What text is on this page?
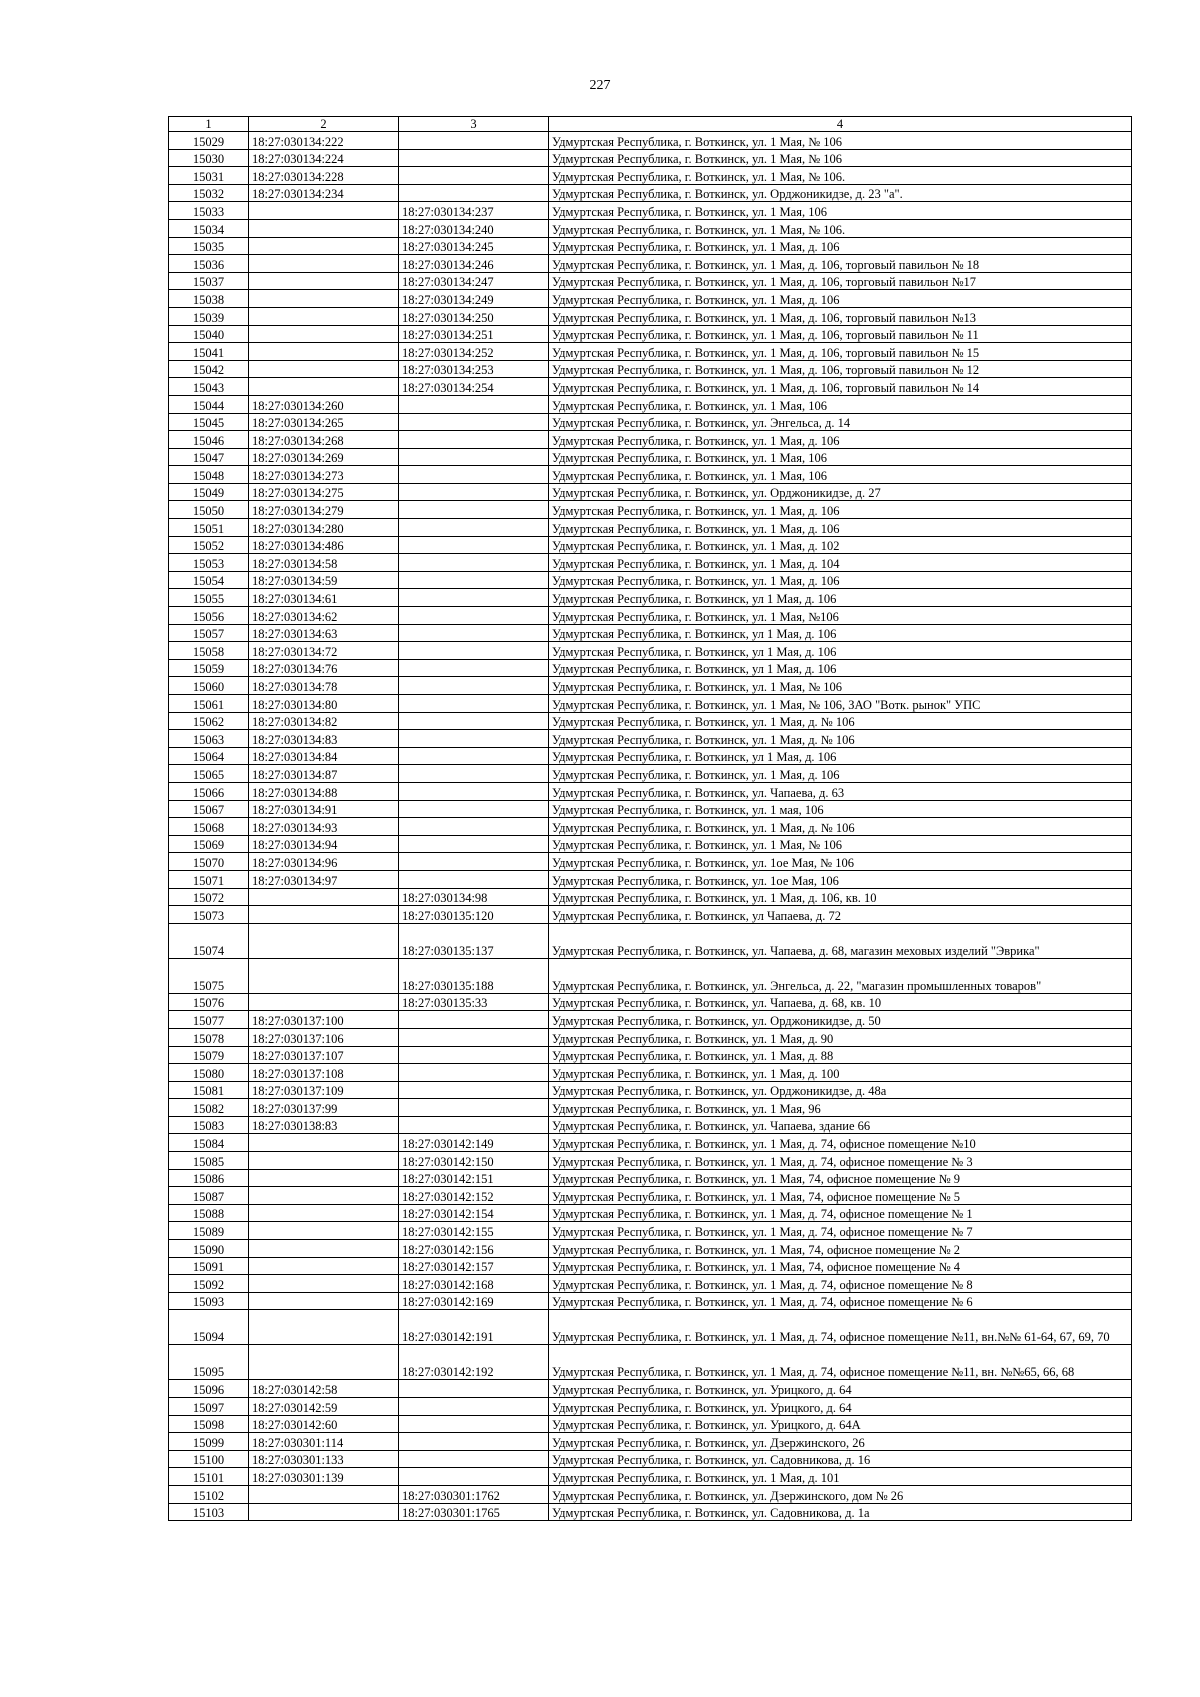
227
1	2	3	4
15029	18:27:030134:222		Удмуртская Республика, г. Воткинск, ул. 1 Мая, № 106
15030	18:27:030134:224		Удмуртская Республика, г. Воткинск, ул. 1 Мая, № 106
15031	18:27:030134:228		Удмуртская Республика, г. Воткинск, ул. 1 Мая, № 106.
15032	18:27:030134:234		Удмуртская Республика, г. Воткинск, ул. Орджоникидзе, д. 23 "а".
15033		18:27:030134:237	Удмуртская Республика, г. Воткинск, ул. 1 Мая, 106
15034		18:27:030134:240	Удмуртская Республика, г. Воткинск, ул. 1 Мая, № 106.
15035		18:27:030134:245	Удмуртская Республика, г. Воткинск, ул. 1 Мая, д. 106
15036		18:27:030134:246	Удмуртская Республика, г. Воткинск, ул. 1 Мая, д. 106, торговый павильон № 18
15037		18:27:030134:247	Удмуртская Республика, г. Воткинск, ул. 1 Мая, д. 106, торговый павильон №17
15038		18:27:030134:249	Удмуртская Республика, г. Воткинск, ул. 1 Мая, д. 106
15039		18:27:030134:250	Удмуртская Республика, г. Воткинск, ул. 1 Мая, д. 106, торговый павильон №13
15040		18:27:030134:251	Удмуртская Республика, г. Воткинск, ул. 1 Мая, д. 106, торговый павильон № 11
15041		18:27:030134:252	Удмуртская Республика, г. Воткинск, ул. 1 Мая, д. 106, торговый павильон № 15
15042		18:27:030134:253	Удмуртская Республика, г. Воткинск, ул. 1 Мая, д. 106, торговый павильон № 12
15043		18:27:030134:254	Удмуртская Республика, г. Воткинск, ул. 1 Мая, д. 106, торговый павильон № 14
15044	18:27:030134:260		Удмуртская Республика, г. Воткинск, ул. 1 Мая, 106
15045	18:27:030134:265		Удмуртская Республика, г. Воткинск, ул. Энгельса, д. 14
15046	18:27:030134:268		Удмуртская Республика, г. Воткинск, ул. 1 Мая, д. 106
15047	18:27:030134:269		Удмуртская Республика, г. Воткинск, ул. 1 Мая, 106
15048	18:27:030134:273		Удмуртская Республика, г. Воткинск, ул. 1 Мая, 106
15049	18:27:030134:275		Удмуртская Республика, г. Воткинск, ул. Орджоникидзе, д. 27
15050	18:27:030134:279		Удмуртская Республика, г. Воткинск, ул. 1 Мая, д. 106
15051	18:27:030134:280		Удмуртская Республика, г. Воткинск, ул. 1 Мая, д. 106
15052	18:27:030134:486		Удмуртская Республика, г. Воткинск, ул. 1 Мая, д. 102
15053	18:27:030134:58		Удмуртская Республика, г. Воткинск, ул. 1 Мая, д. 104
15054	18:27:030134:59		Удмуртская Республика, г. Воткинск, ул. 1 Мая, д. 106
15055	18:27:030134:61		Удмуртская Республика, г. Воткинск, ул 1 Мая, д. 106
15056	18:27:030134:62		Удмуртская Республика, г. Воткинск, ул. 1 Мая, №106
15057	18:27:030134:63		Удмуртская Республика, г. Воткинск, ул 1 Мая, д. 106
15058	18:27:030134:72		Удмуртская Республика, г. Воткинск, ул 1 Мая, д. 106
15059	18:27:030134:76		Удмуртская Республика, г. Воткинск, ул 1 Мая, д. 106
15060	18:27:030134:78		Удмуртская Республика, г. Воткинск, ул. 1 Мая, № 106
15061	18:27:030134:80		Удмуртская Республика, г. Воткинск, ул. 1 Мая, № 106, ЗАО "Вотк. рынок" УПС
15062	18:27:030134:82		Удмуртская Республика, г. Воткинск, ул. 1 Мая, д. № 106
15063	18:27:030134:83		Удмуртская Республика, г. Воткинск, ул. 1 Мая, д. № 106
15064	18:27:030134:84		Удмуртская Республика, г. Воткинск, ул 1 Мая, д. 106
15065	18:27:030134:87		Удмуртская Республика, г. Воткинск, ул. 1 Мая, д. 106
15066	18:27:030134:88		Удмуртская Республика, г. Воткинск, ул. Чапаева, д. 63
15067	18:27:030134:91		Удмуртская Республика, г. Воткинск, ул. 1 мая, 106
15068	18:27:030134:93		Удмуртская Республика, г. Воткинск, ул. 1 Мая, д. № 106
15069	18:27:030134:94		Удмуртская Республика, г. Воткинск, ул. 1 Мая, № 106
15070	18:27:030134:96		Удмуртская Республика, г. Воткинск, ул. 1ое Мая, № 106
15071	18:27:030134:97		Удмуртская Республика, г. Воткинск, ул. 1ое Мая, 106
15072		18:27:030134:98	Удмуртская Республика, г. Воткинск, ул. 1 Мая, д. 106, кв. 10
15073		18:27:030135:120	Удмуртская Республика, г. Воткинск, ул Чапаева, д. 72
15074		18:27:030135:137	Удмуртская Республика, г. Воткинск, ул. Чапаева, д. 68, магазин меховых изделий "Эврика"
15075		18:27:030135:188	Удмуртская Республика, г. Воткинск, ул. Энгельса, д. 22, "магазин промышленных товаров"
15076		18:27:030135:33	Удмуртская Республика, г. Воткинск, ул. Чапаева, д. 68, кв. 10
15077	18:27:030137:100		Удмуртская Республика, г. Воткинск, ул. Орджоникидзе, д. 50
15078	18:27:030137:106		Удмуртская Республика, г. Воткинск, ул. 1 Мая, д. 90
15079	18:27:030137:107		Удмуртская Республика, г. Воткинск, ул. 1 Мая, д. 88
15080	18:27:030137:108		Удмуртская Республика, г. Воткинск, ул. 1 Мая, д. 100
15081	18:27:030137:109		Удмуртская Республика, г. Воткинск, ул. Орджоникидзе, д. 48а
15082	18:27:030137:99		Удмуртская Республика, г. Воткинск, ул. 1 Мая, 96
15083	18:27:030138:83		Удмуртская Республика, г. Воткинск, ул. Чапаева, здание 66
15084		18:27:030142:149	Удмуртская Республика, г. Воткинск, ул. 1 Мая, д. 74, офисное помещение №10
15085		18:27:030142:150	Удмуртская Республика, г. Воткинск, ул. 1 Мая, д. 74, офисное помещение № 3
15086		18:27:030142:151	Удмуртская Республика, г. Воткинск, ул. 1 Мая, 74, офисное помещение № 9
15087		18:27:030142:152	Удмуртская Республика, г. Воткинск, ул. 1 Мая, 74, офисное помещение № 5
15088		18:27:030142:154	Удмуртская Республика, г. Воткинск, ул. 1 Мая, д. 74, офисное помещение № 1
15089		18:27:030142:155	Удмуртская Республика, г. Воткинск, ул. 1 Мая, д. 74, офисное помещение № 7
15090		18:27:030142:156	Удмуртская Республика, г. Воткинск, ул. 1 Мая, 74, офисное помещение № 2
15091		18:27:030142:157	Удмуртская Республика, г. Воткинск, ул. 1 Мая, 74, офисное помещение № 4
15092		18:27:030142:168	Удмуртская Республика, г. Воткинск, ул. 1 Мая, д. 74, офисное помещение № 8
15093		18:27:030142:169	Удмуртская Республика, г. Воткинск, ул. 1 Мая, д. 74, офисное помещение № 6
15094		18:27:030142:191	Удмуртская Республика, г. Воткинск, ул. 1 Мая, д. 74, офисное помещение №11, вн.№№ 61-64, 67, 69, 70
15095		18:27:030142:192	Удмуртская Республика, г. Воткинск, ул. 1 Мая, д. 74, офисное помещение №11, вн. №№65, 66, 68
15096	18:27:030142:58		Удмуртская Республика, г. Воткинск, ул. Урицкого, д. 64
15097	18:27:030142:59		Удмуртская Республика, г. Воткинск, ул. Урицкого, д. 64
15098	18:27:030142:60		Удмуртская Республика, г. Воткинск, ул. Урицкого, д. 64А
15099	18:27:030301:114		Удмуртская Республика, г. Воткинск, ул. Дзержинского, 26
15100	18:27:030301:133		Удмуртская Республика, г. Воткинск, ул. Садовникова, д. 16
15101	18:27:030301:139		Удмуртская Республика, г. Воткинск, ул. 1 Мая, д. 101
15102		18:27:030301:1762	Удмуртская Республика, г. Воткинск, ул. Дзержинского, дом № 26
15103		18:27:030301:1765	Удмуртская Республика, г. Воткинск, ул. Садовникова, д. 1а
